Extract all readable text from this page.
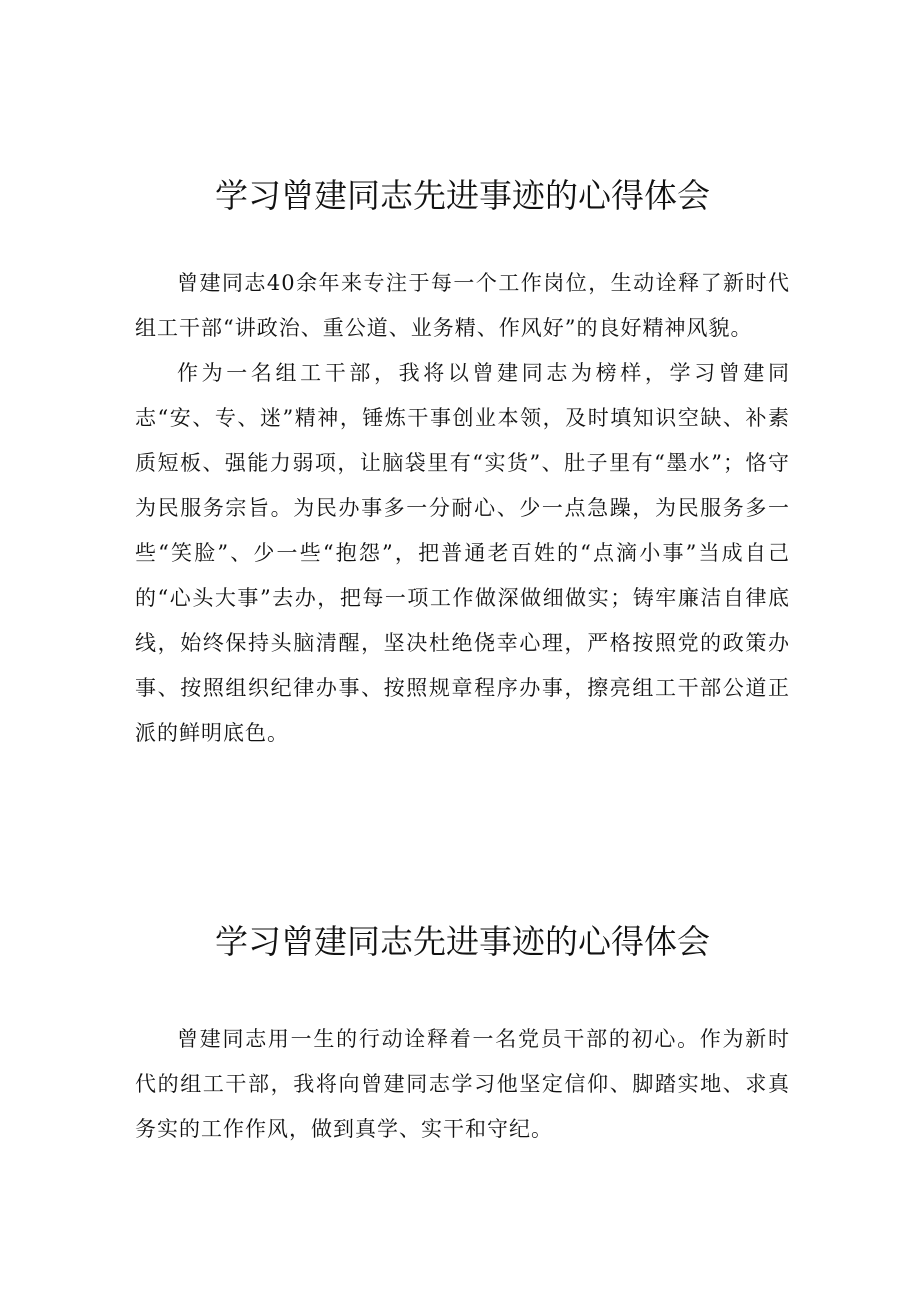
学习曾建同志先进事迹的心得体会

曾建同志40余年来专注于每一个工作岗位，生动诠释了新时代组工干部“讲政治、重公道、业务精、作风好”的良好精神风貌。

作为一名组工干部，我将以曾建同志为榜样，学习曾建同志“安、专、迷”精神，锤炼干事创业本领，及时填知识空缺、补素质短板、强能力弱项，让脑袋里有“实货”、肚子里有“墨水”；恪守为民服务宗旨。为民办事多一分耐心、少一点急躁，为民服务多一些“笑脸”、少一些“抱怨”，把普通老百姓的“点滴小事”当成自己的“心头大事”去办，把每一项工作做深做细做实；铸牢廉洁自律底线，始终保持头脑清醒，坚决杜绝侥幸心理，严格按照党的政策办事、按照组织纪律办事、按照规章程序办事，擦亮组工干部公道正派的鲜明底色。

学习曾建同志先进事迹的心得体会

曾建同志用一生的行动诠释着一名党员干部的初心。作为新时代的组工干部，我将向曾建同志学习他坚定信仰、脚踏实地、求真务实的工作作风，做到真学、实干和守纪。
